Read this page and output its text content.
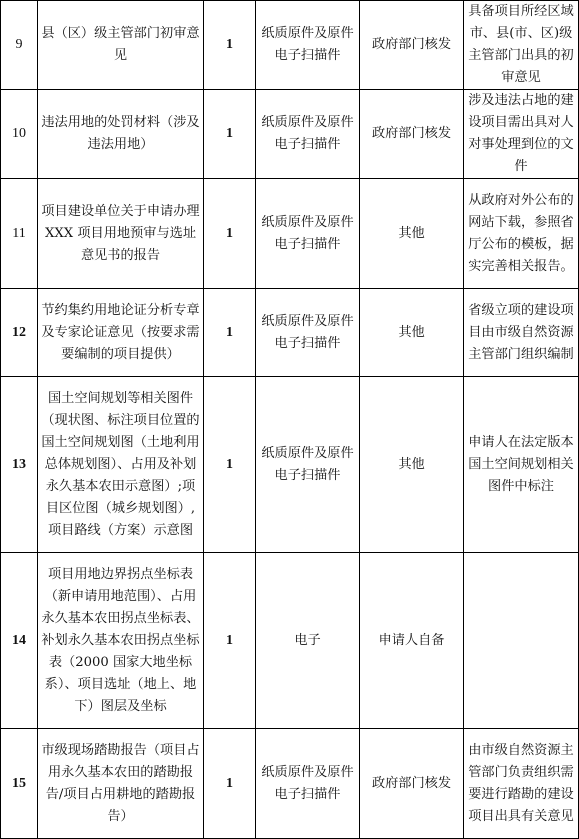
9	县（区）级主管部门初审意见	1	纸质原件及原件电子扫描件	政府部门核发	具备项目所经区域市、县(市、区)级主管部门出具的初审意见
10	违法用地的处罚材料（涉及违法用地）	1	纸质原件及原件电子扫描件	政府部门核发	涉及违法占地的建设项目需出具对人对事处理到位的文件
11	项目建设单位关于申请办理 XXX 项目用地预审与选址意见书的报告	1	纸质原件及原件电子扫描件	其他	从政府对外公布的网站下载，参照省厅公布的模板，据实完善相关报告。
12	节约集约用地论证分析专章及专家论证意见（按要求需要编制的项目提供）	1	纸质原件及原件电子扫描件	其他	省级立项的建设项目由市级自然资源主管部门组织编制
13	国土空间规划等相关图件（现状图、标注项目位置的国土空间规划图（土地利用总体规划图）、占用及补划永久基本农田示意图）;项目区位图（城乡规划图）,项目路线（方案）示意图	1	纸质原件及原件电子扫描件	其他	申请人在法定版本国土空间规划相关图件中标注
14	项目用地边界拐点坐标表（新申请用地范围）、占用永久基本农田拐点坐标表、补划永久基本农田拐点坐标表（2000 国家大地坐标系）、项目选址（地上、地下）图层及坐标	1	电子	申请人自备	
15	市级现场踏勘报告（项目占用永久基本农田的踏勘报告/项目占用耕地的踏勘报告）	1	纸质原件及原件电子扫描件	政府部门核发	由市级自然资源主管部门负责组织需要进行踏勘的建设项目出具有关意见
